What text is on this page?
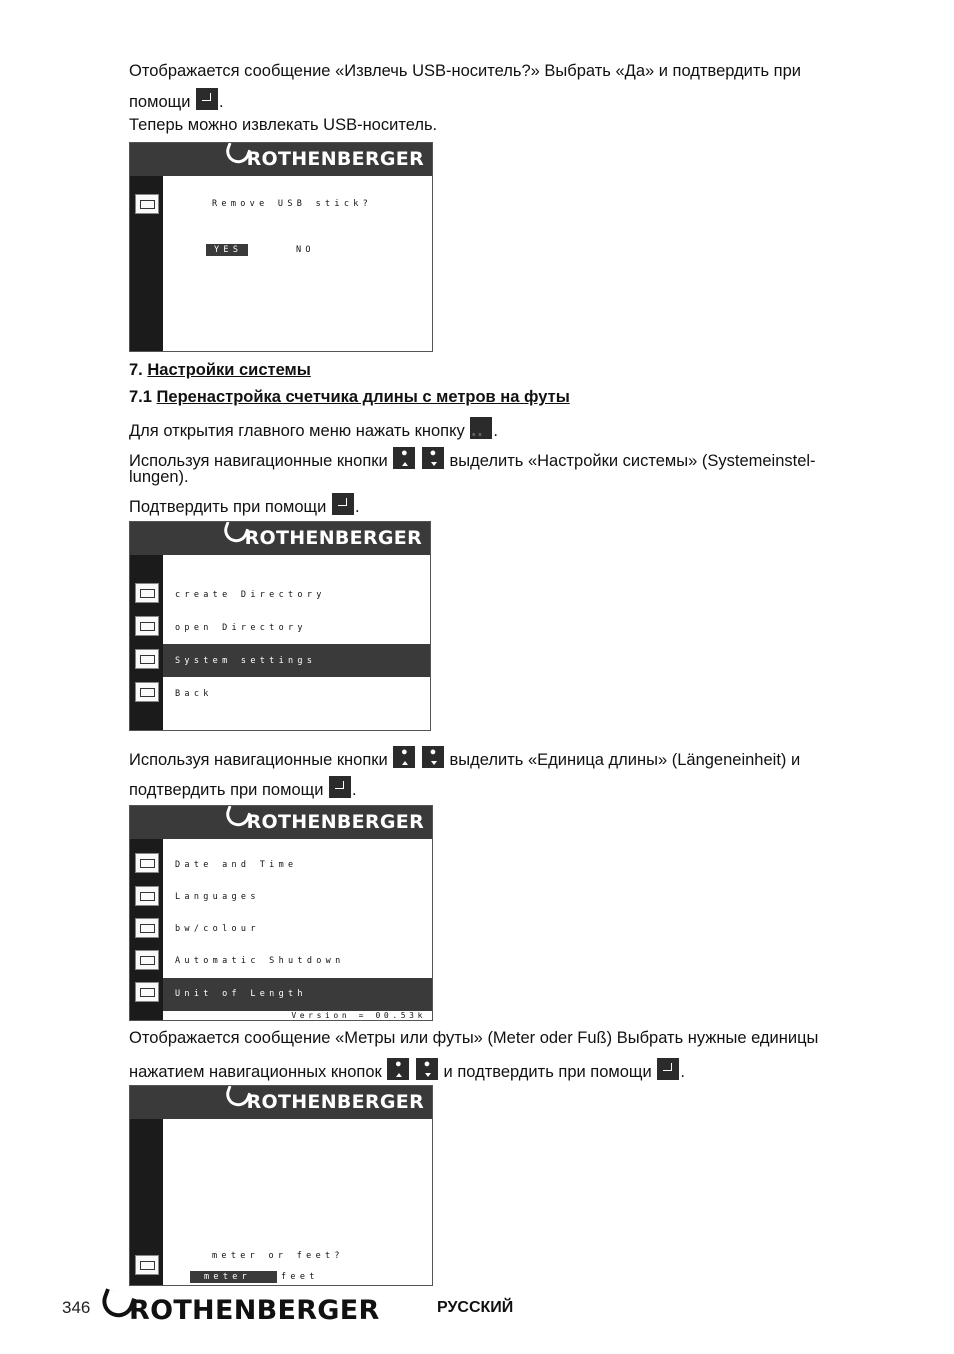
Отображается сообщение «Извлечь USB-носитель?» Выбрать «Да» и подтвердить при

помощи .

Теперь можно извлекать USB-носитель.

ROTHENBERGER
Remove USB stick?
YES	NO

7. Настройки системы

7.1 Перенастройка счетчика длины с метров на футы

Для открытия главного меню нажать кнопку ≡ ≡ .

Используя навигационные кнопки	●
	● выделить «Настройки системы» (Systemeinstel-

lungen).

Подтвердить при помощи .

ROTHENBERGER
create Directory
open Directory
System settings
Back

Используя навигационные кнопки	●
	● выделить «Единица длины» (Längeneinheit) и

подтвердить при помощи .

ROTHENBERGER
Date and Time
Languages
bw/colour
Automatic Shutdown
Unit of Length
Version = 00.53k

Отображается сообщение «Метры или футы» (Meter oder Fuß) Выбрать нужные единицы

нажатием навигационных кнопок	●
	● и подтвердить при помощи .

ROTHENBERGER
meter or feet?
meter	feet
346	ROTHENBERGER	РУССКИЙ
